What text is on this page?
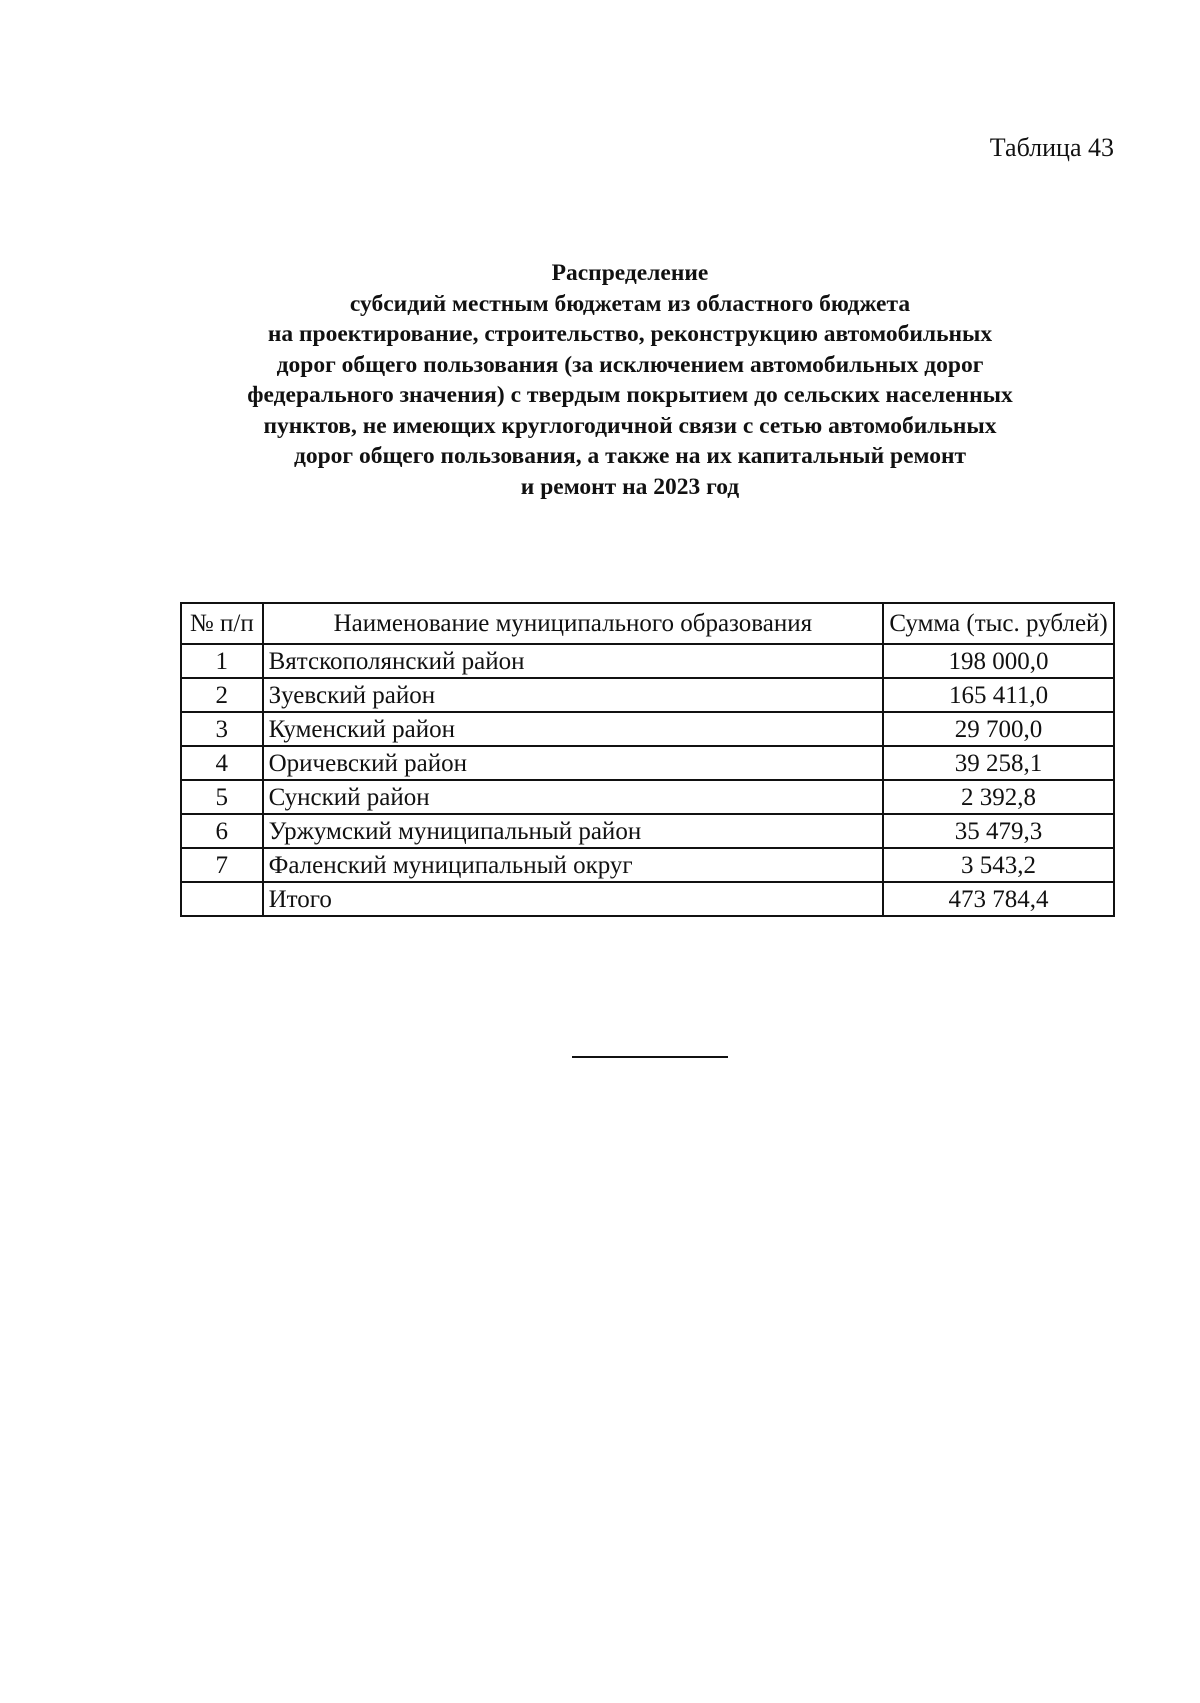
Таблица 43
Распределение
субсидий местным бюджетам из областного бюджета
на проектирование, строительство, реконструкцию автомобильных
дорог общего пользования (за исключением автомобильных дорог
федерального значения) с твердым покрытием до сельских населенных
пунктов, не имеющих круглогодичной связи с сетью автомобильных
дорог общего пользования, а также на их капитальный ремонт
и ремонт на 2023 год
№ п/п	Наименование муниципального образования	Сумма (тыс. рублей)
1	Вятскополянский район	198 000,0
2	Зуевский район	165 411,0
3	Куменский район	29 700,0
4	Оричевский район	39 258,1
5	Сунский район	2 392,8
6	Уржумский муниципальный район	35 479,3
7	Фаленский муниципальный округ	3 543,2
	Итого	473 784,4
